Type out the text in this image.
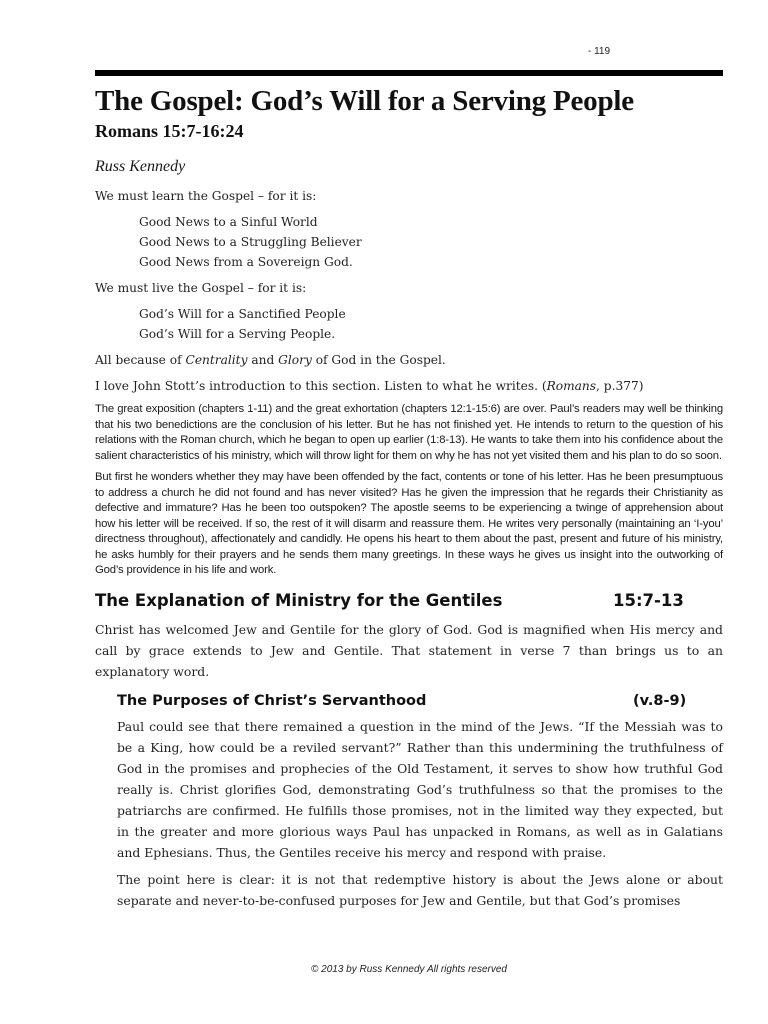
- 119
The Gospel: God’s Will for a Serving People
Romans 15:7-16:24
Russ Kennedy
We must learn the Gospel – for it is:
Good News to a Sinful World
Good News to a Struggling Believer
Good News from a Sovereign God.
We must live the Gospel – for it is:
God’s Will for a Sanctified People
God’s Will for a Serving People.
All because of Centrality and Glory of God in the Gospel.
I love John Stott’s introduction to this section. Listen to what he writes. (Romans, p.377)
The great exposition (chapters 1-11) and the great exhortation (chapters 12:1-15:6) are over. Paul’s readers may well be thinking that his two benedictions are the conclusion of his letter. But he has not finished yet. He intends to return to the question of his relations with the Roman church, which he began to open up earlier (1:8-13). He wants to take them into his confidence about the salient characteristics of his ministry, which will throw light for them on why he has not yet visited them and his plan to do so soon.
But first he wonders whether they may have been offended by the fact, contents or tone of his letter. Has he been presumptuous to address a church he did not found and has never visited? Has he given the impression that he regards their Christianity as defective and immature? Has he been too outspoken? The apostle seems to be experiencing a twinge of apprehension about how his letter will be received. If so, the rest of it will disarm and reassure them. He writes very personally (maintaining an ‘I-you’ directness throughout), affectionately and candidly. He opens his heart to them about the past, present and future of his ministry, he asks humbly for their prayers and he sends them many greetings. In these ways he gives us insight into the outworking of God’s providence in his life and work.
The Explanation of Ministry for the Gentiles	15:7-13
Christ has welcomed Jew and Gentile for the glory of God. God is magnified when His mercy and call by grace extends to Jew and Gentile. That statement in verse 7 than brings us to an explanatory word.
The Purposes of Christ’s Servanthood	(v.8-9)
Paul could see that there remained a question in the mind of the Jews. “If the Messiah was to be a King, how could be a reviled servant?” Rather than this undermining the truthfulness of God in the promises and prophecies of the Old Testament, it serves to show how truthful God really is. Christ glorifies God, demonstrating God’s truthfulness so that the promises to the patriarchs are confirmed. He fulfills those promises, not in the limited way they expected, but in the greater and more glorious ways Paul has unpacked in Romans, as well as in Galatians and Ephesians. Thus, the Gentiles receive his mercy and respond with praise.
The point here is clear: it is not that redemptive history is about the Jews alone or about separate and never-to-be-confused purposes for Jew and Gentile, but that God’s promises
© 2013 by Russ Kennedy All rights reserved
